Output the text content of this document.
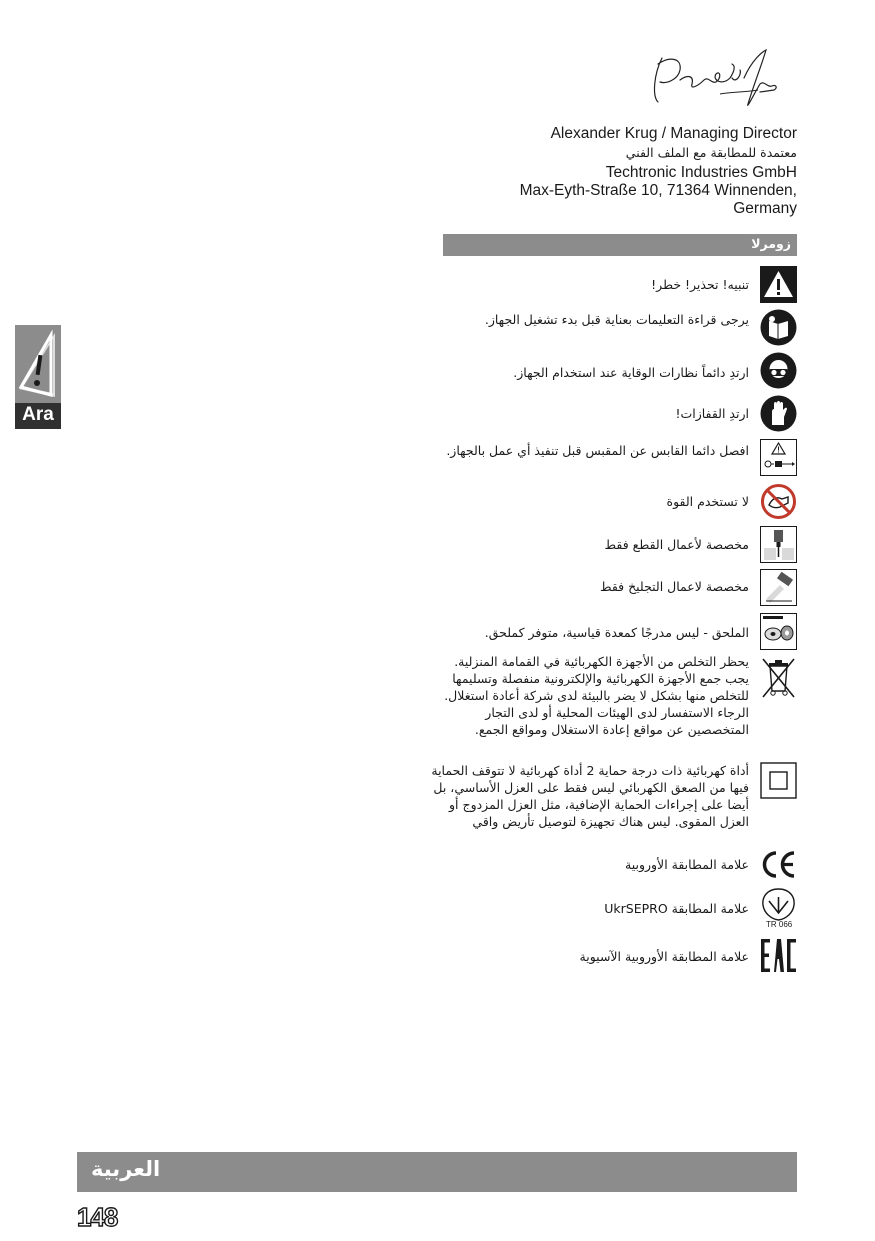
Alexander Krug / Managing Director
معتمدة للمطابقة مع الملف الفني
Techtronic Industries GmbH
Max-Eyth-Straße 10, 71364 Winnenden,
Germany
زومرلا
Ara
تنبيه! تحذير! خطر!
يرجى قراءة التعليمات بعناية قبل بدء تشغيل الجهاز.
ارتدِ دائماً نظارات الوقاية عند استخدام الجهاز.
ارتدِ القفازات!
افصل دائما القابس عن المقبس قبل تنفيذ أي عمل بالجهاز.
لا تستخدم القوة
مخصصة لأعمال القطع فقط
مخصصة لاعمال التجليخ فقط
الملحق - ليس مدرجًا كمعدة قياسية، متوفر كملحق.
يحظر التخلص من الأجهزة الكهربائية في القمامة المنزلية. يجب جمع الأجهزة الكهربائية والإلكترونية منفصلة وتسليمها للتخلص منها بشكل لا يضر بالبيئة لدى شركة أعادة استغلال. الرجاء الاستفسار لدى الهيئات المحلية أو لدى التجار المتخصصين عن مواقع إعادة الاستغلال ومواقع الجمع.
أداة كهربائية ذات درجة حماية 2 أداة كهربائية لا تتوقف الحماية فيها من الصعق الكهربائي ليس فقط على العزل الأساسي، بل أيضا على إجراءات الحماية الإضافية، مثل العزل المزدوج أو العزل المقوى. ليس هناك تجهيزة لتوصيل تأريض واقي
علامة المطابقة الأوروبية
TR 066
علامة المطابقة UkrSEPRO
علامة المطابقة الأوروبية الآسيوية
العربية
148
